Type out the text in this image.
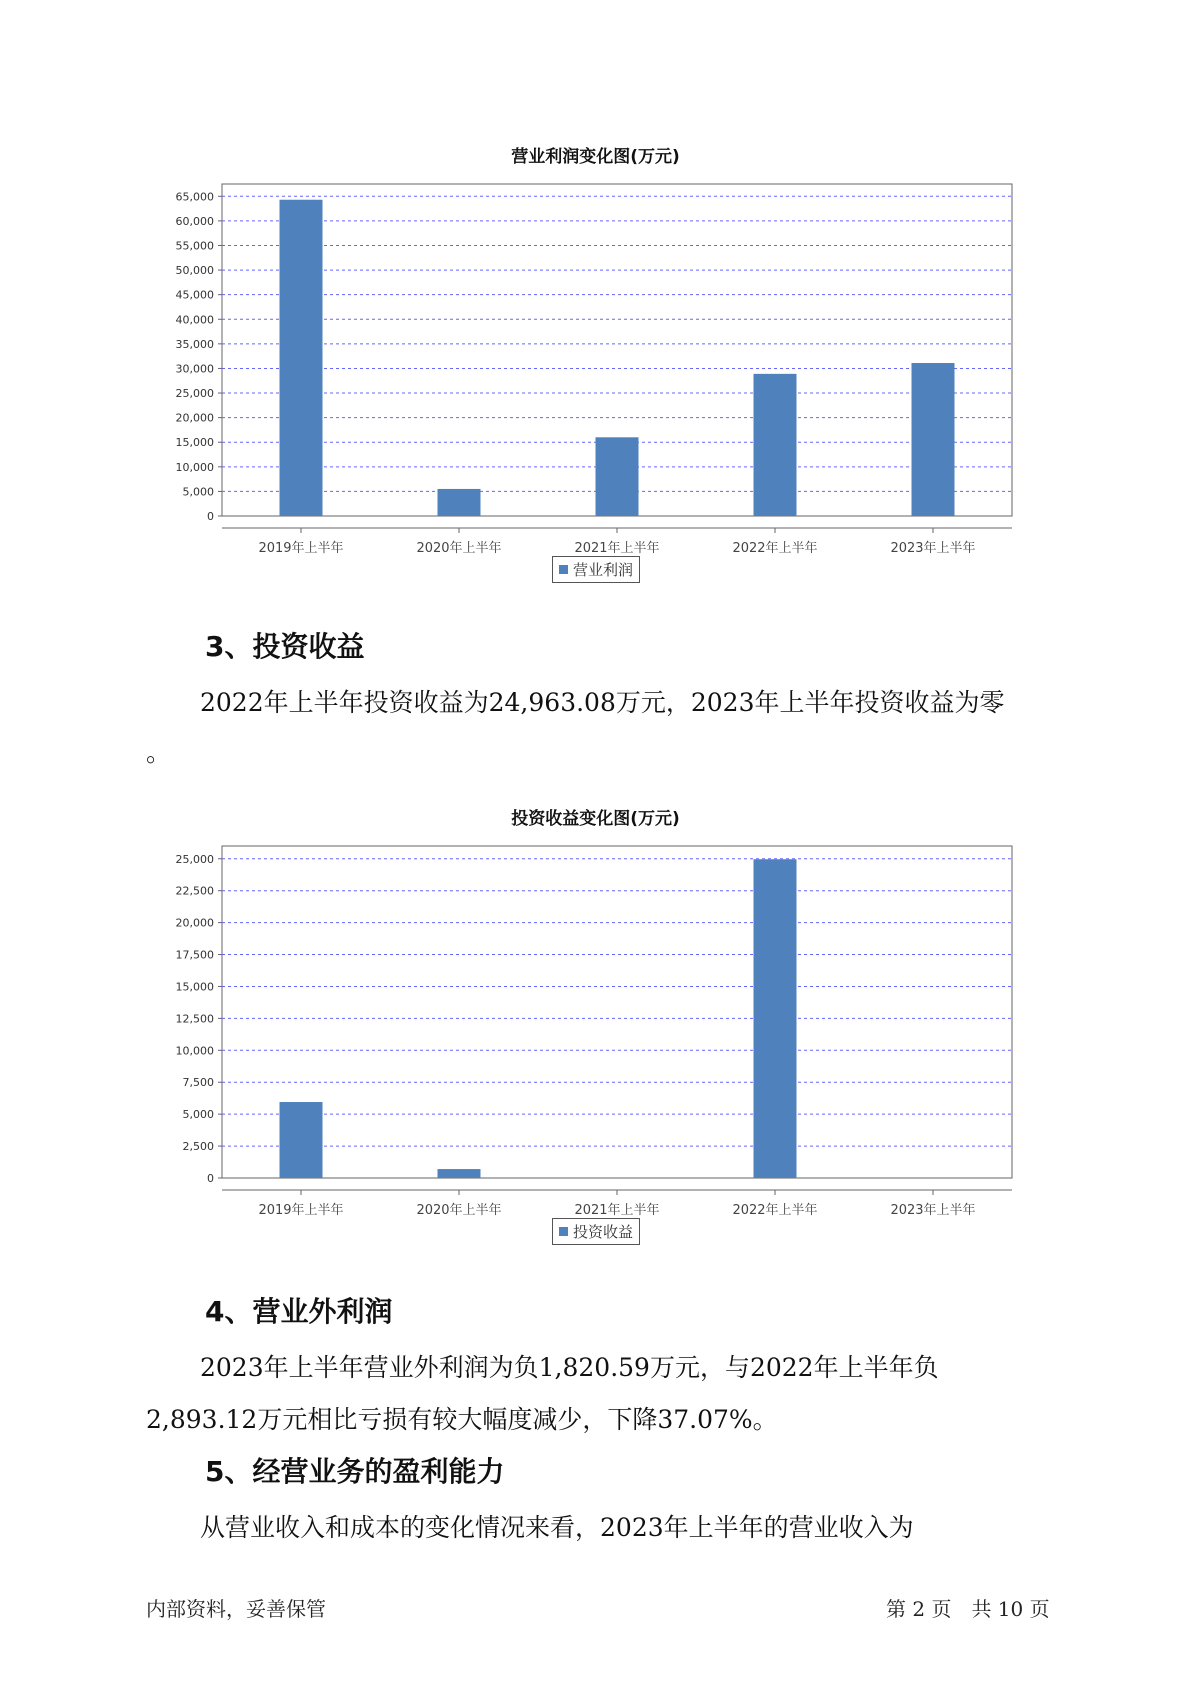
营业利润变化图(万元)
0
5,000
10,000
15,000
20,000
25,000
30,000
35,000
40,000
45,000
50,000
55,000
60,000
65,000
2019年上半年	2020年上半年	2021年上半年	2022年上半年	2023年上半年
营业利润
3、投资收益
2022年上半年投资收益为24,963.08万元，2023年上半年投资收益为零
。
投资收益变化图(万元)
0
2,500
5,000
7,500
10,000
12,500
15,000
17,500
20,000
22,500
25,000
2019年上半年	2020年上半年	2021年上半年	2022年上半年	2023年上半年
投资收益
4、营业外利润
2023年上半年营业外利润为负1,820.59万元，与2022年上半年负
2,893.12万元相比亏损有较大幅度减少，下降37.07%。
5、经营业务的盈利能力
从营业收入和成本的变化情况来看，2023年上半年的营业收入为
内部资料，妥善保管	第 2 页　共 10 页
